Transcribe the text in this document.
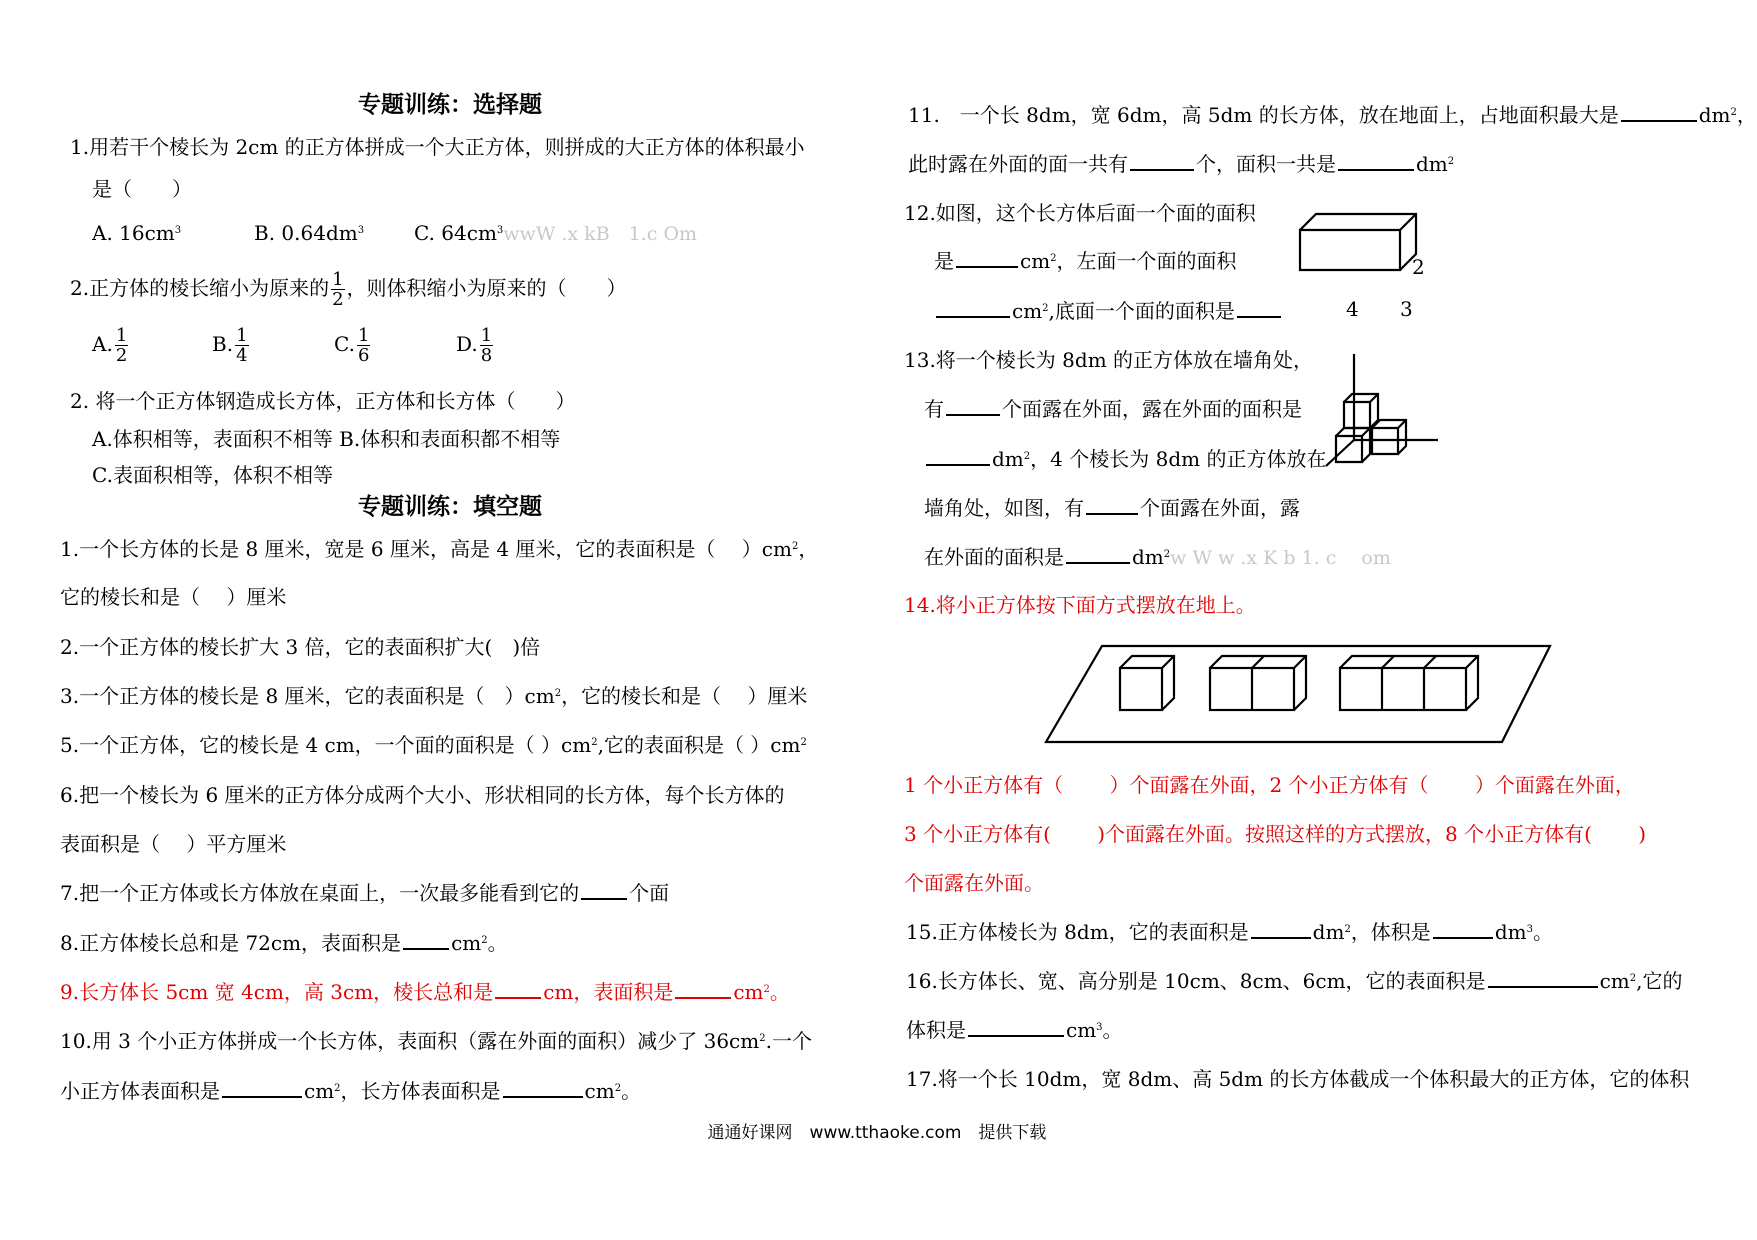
专题训练：选择题
1.用若干个棱长为 2cm 的正方体拼成一个大正方体，则拼成的大正方体的体积最小
是（　　）
A. $16cm^3$	B. $0.64dm^3$ C. $64cm^3wwW$ .x kB　1.c Om
2.正方体的棱长缩小为原来的 $\frac{1}{2}$ ，则体积缩小为原来的（　　）
A. $\frac{1}{2}$	B. $\frac{1}{4}$	C. $\frac{1}{6}$	D. $\frac{1}{8}$
2. 将一个正方体钢造成长方体，正方体和长方体（　　）
A.体积相等，表面积不相等 B.体积和表面积都不相等
C.表面积相等，体积不相等
专题训练：填空题
1.一个长方体的长是 8 厘米，宽是 6 厘米，高是 4 厘米，它的表面积是（　 ）$cm^2$，
它的棱长和是（　 ）厘米
2.一个正方体的棱长扩大 3 倍，它的表面积扩大(　)倍
3.一个正方体的棱长是 8 厘米，它的表面积是（　）$cm^2$，它的棱长和是（　 ）厘米
5.一个正方体，它的棱长是 4 cm，一个面的面积是（ ）$cm^2$,它的表面积是（ ）$cm^2$
6.把一个棱长为 6 厘米的正方体分成两个大小、形状相同的长方体，每个长方体的
表面积是（　 ）平方厘米
7.把一个正方体或长方体放在桌面上，一次最多能看到它的	个面
8.正方体棱长总和是 72cm，表面积是	$cm^2$。
9.长方体长 5cm 宽 4cm，高 3cm，棱长总和是	cm，表面积是	$cm^2$。
10.用 3 个小正方体拼成一个长方体，表面积（露在外面的面积）减少了 $36cm^2$.一个
小正方体表面积是	$cm^2$，长方体表面积是	$cm^2$。
11.　一个长 8dm，宽 6dm，高 5dm 的长方体，放在地面上，占地面积最大是	$dm^2$，
此时露在外面的面一共有	个，面积一共是	$dm^2$
12.如图，这个长方体后面一个面的面积
是	$cm^2$，左面一个面的面积
$cm^2$,底面一个面的面积是
13.将一个棱长为 8dm 的正方体放在墙角处，
有	个面露在外面，露在外面的面积是
$dm^2$，4 个棱长为 8dm 的正方体放在
墙角处，如图，有	个面露在外面，露
在外面的面积是	$dm^2w$ W w .x K b 1. c　 om
14.将小正方体按下面方式摆放在地上。
1 个小正方体有（　　 ）个面露在外面，2 个小正方体有（　　 ）个面露在外面，
3 个小正方体有(　　 )个面露在外面。按照这样的方式摆放，8 个小正方体有(　　 )
个面露在外面。
15.正方体棱长为 8dm，它的表面积是	$dm^2$，体积是	$dm^3$。
16.长方体长、宽、高分别是 10cm、8cm、6cm，它的表面积是	$cm^2$,它的
体积是	$cm^3$。
17.将一个长 10dm，宽 8dm、高 5dm 的长方体截成一个体积最大的正方体，它的体积
2
4 3
通通好课网　www.tthaoke.com　提供下载
